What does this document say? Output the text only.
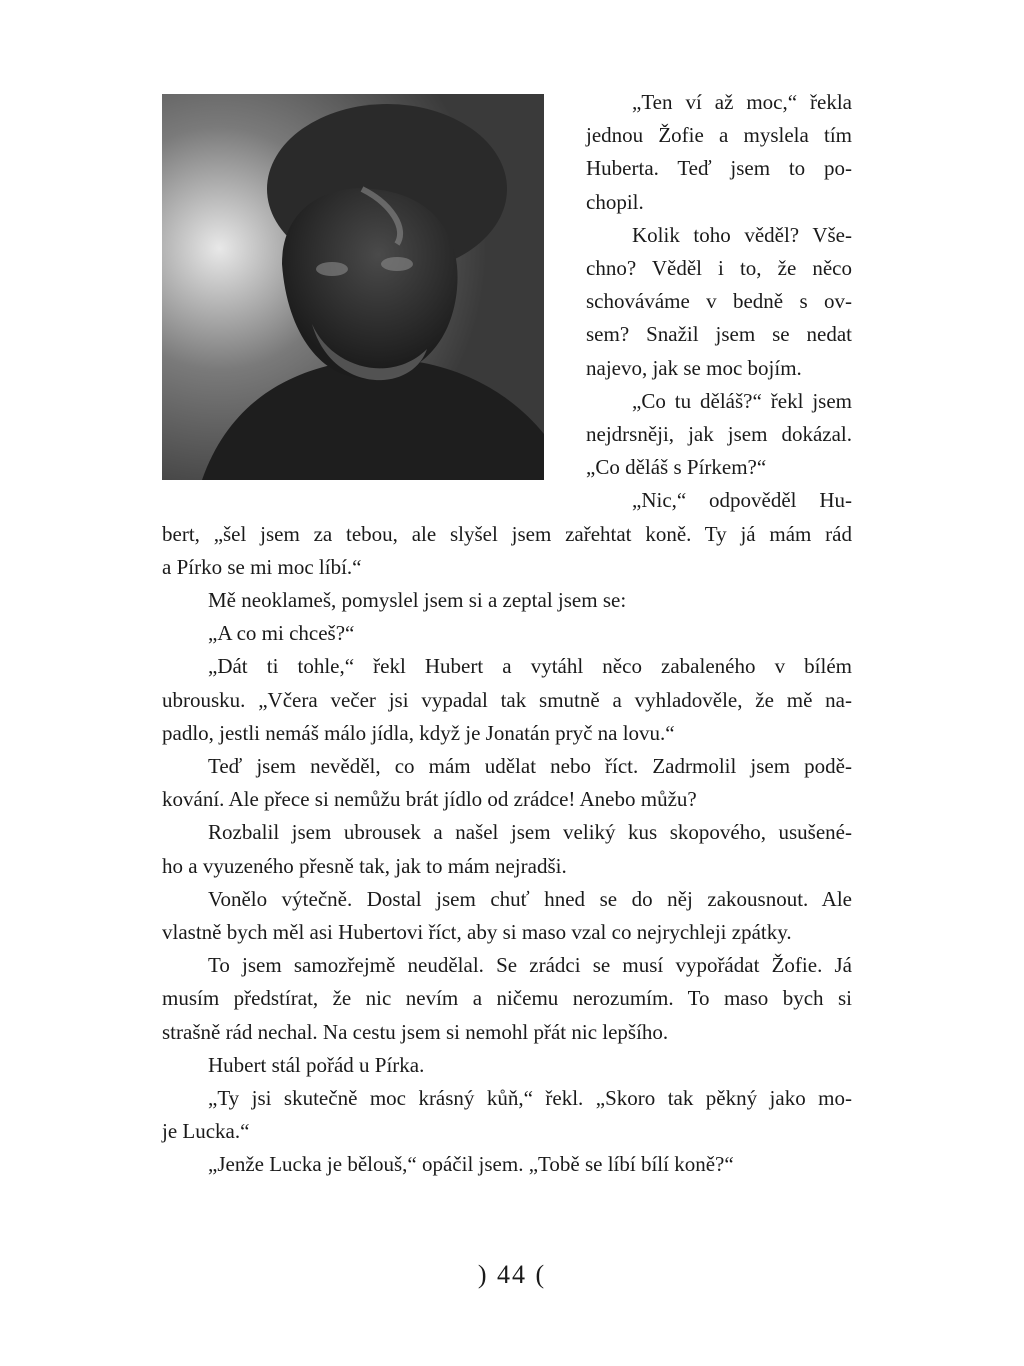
„Ten ví až moc,“ řekla
jednou Žofie a myslela tím
Huberta. Teď jsem to po-
chopil.
Kolik toho věděl? Vše-
chno? Věděl i to, že něco
schováváme v bedně s ov-
sem? Snažil jsem se nedat
najevo, jak se moc bojím.
„Co tu děláš?“ řekl jsem
nejdrsněji, jak jsem dokázal.
„Co děláš s Pírkem?“
„Nic,“ odpověděl Hu-
bert, „šel jsem za tebou, ale slyšel jsem zařehtat koně. Ty já mám rád
a Pírko se mi moc líbí.“
Mě neoklameš, pomyslel jsem si a zeptal jsem se:
„A co mi chceš?“
„Dát ti tohle,“ řekl Hubert a vytáhl něco zabaleného v bílém
ubrousku. „Včera večer jsi vypadal tak smutně a vyhladověle, že mě na-
padlo, jestli nemáš málo jídla, když je Jonatán pryč na lovu.“
Teď jsem nevěděl, co mám udělat nebo říct. Zadrmolil jsem podě-
kování. Ale přece si nemůžu brát jídlo od zrádce! Anebo můžu?
Rozbalil jsem ubrousek a našel jsem veliký kus skopového, usušené-
ho a vyuzeného přesně tak, jak to mám nejradši.
Vonělo výtečně. Dostal jsem chuť hned se do něj zakousnout. Ale
vlastně bych měl asi Hubertovi říct, aby si maso vzal co nejrychleji zpátky.
To jsem samozřejmě neudělal. Se zrádci se musí vypořádat Žofie. Já
musím předstírat, že nic nevím a ničemu nerozumím. To maso bych si
strašně rád nechal. Na cestu jsem si nemohl přát nic lepšího.
Hubert stál pořád u Pírka.
„Ty jsi skutečně moc krásný kůň,“ řekl. „Skoro tak pěkný jako mo-
je Lucka.“
„Jenže Lucka je bělouš,“ opáčil jsem. „Tobě se líbí bílí koně?“
) 44 (
